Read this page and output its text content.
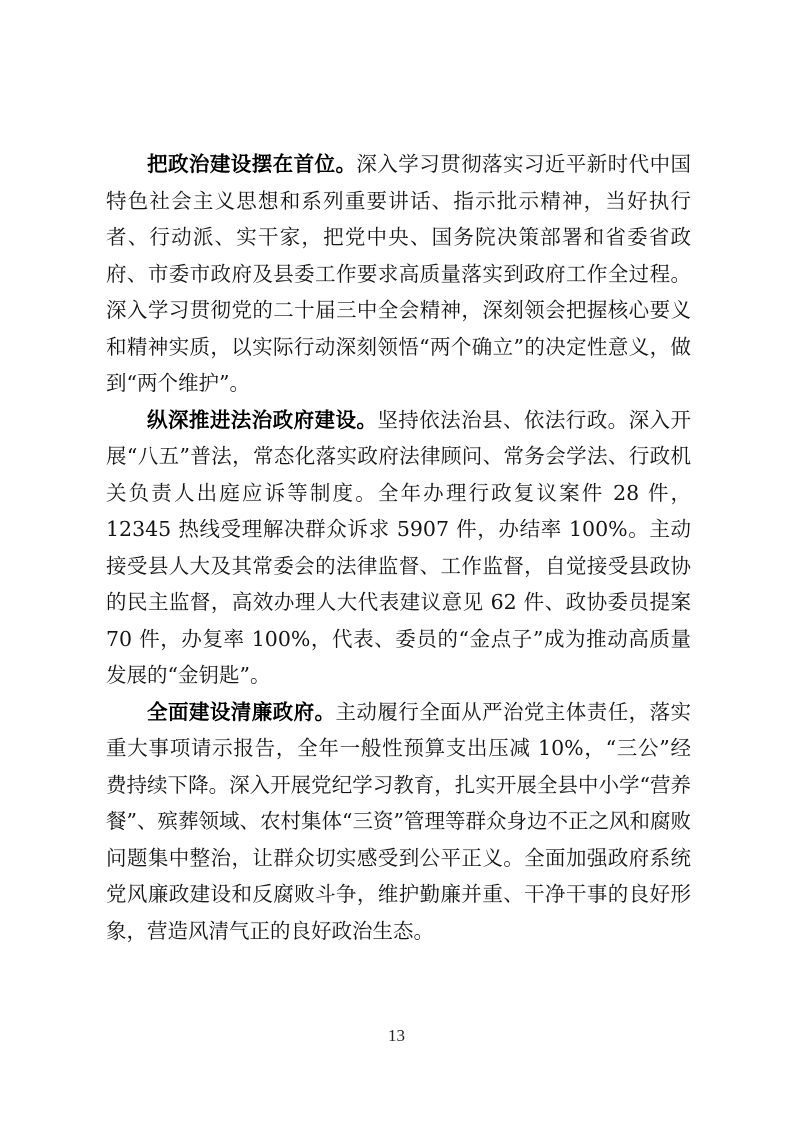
把政治建设摆在首位。深入学习贯彻落实习近平新时代中国特色社会主义思想和系列重要讲话、指示批示精神，当好执行者、行动派、实干家，把党中央、国务院决策部署和省委省政府、市委市政府及县委工作要求高质量落实到政府工作全过程。深入学习贯彻党的二十届三中全会精神，深刻领会把握核心要义和精神实质，以实际行动深刻领悟“两个确立”的决定性意义，做到“两个维护”。

纵深推进法治政府建设。坚持依法治县、依法行政。深入开展“八五”普法，常态化落实政府法律顾问、常务会学法、行政机关负责人出庭应诉等制度。全年办理行政复议案件 28 件，12345 热线受理解决群众诉求 5907 件，办结率 100%。主动接受县人大及其常委会的法律监督、工作监督，自觉接受县政协的民主监督，高效办理人大代表建议意见 62 件、政协委员提案 70 件，办复率 100%，代表、委员的“金点子”成为推动高质量发展的“金钥匙”。

全面建设清廉政府。主动履行全面从严治党主体责任，落实重大事项请示报告，全年一般性预算支出压减 10%，“三公”经费持续下降。深入开展党纪学习教育，扎实开展全县中小学“营养餐”、殡葬领域、农村集体“三资”管理等群众身边不正之风和腐败问题集中整治，让群众切实感受到公平正义。全面加强政府系统党风廉政建设和反腐败斗争，维护勤廉并重、干净干事的良好形象，营造风清气正的良好政治生态。

13
